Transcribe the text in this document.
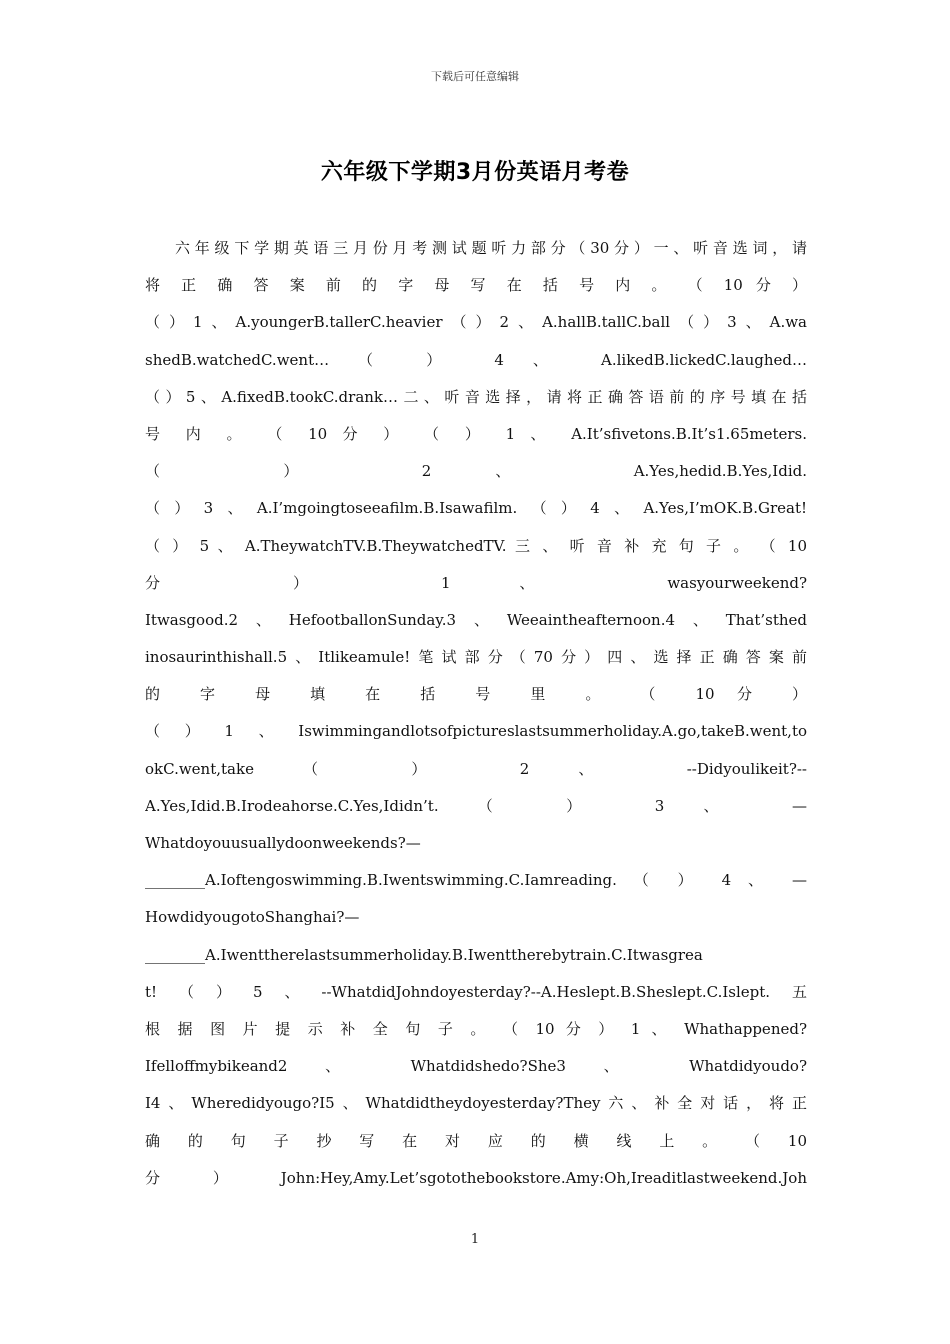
下载后可任意编辑
六年级下学期3月份英语月考卷
六年级下学期英语三月份月考测试题听力部分（30分）一、听音选词，请
将 正 确 答 案 前 的 字 母 写 在 括 号 内 。 （ 10 分 ）
（）1、A.youngerB.tallerC.heavier（）2、A.hallB.tallC.ball（）3、A.wa
shedB.watchedC.went… （ ） 4 、 A.likedB.lickedC.laughed…
（）5、A.fixedB.tookC.drank…二、听音选择，请将正确答语前的序号填在括
号 内 。 （ 10 分 ） （ ） 1 、 A.It’sfivetons.B.It’s1.65meters.
（ ） 2 、 A.Yes,hedid.B.Yes,Idid.
（）3、A.I’mgoingtoseeafilm.B.Isawafilm.（）4、A.Yes,I’mOK.B.Great!
（ ） 5 、 A.TheywatchTV.B.TheywatchedTV. 三 、 听 音 补 充 句 子 。 （ 10
分 ） 1 、 wasyourweekend?
Itwasgood.2、HefootballonSunday.3、Weeaintheafternoon.4、That’sthed
inosaurinthishall.5、Itlikeamule!笔试部分（70分）四、选择正确答案前
的 字 母 填 在 括 号 里 。 （ 10 分 ）
（）1、Iswimmingandlotsofpictureslastsummerholiday.A.go,takeB.went,to
okC.went,take （ ） 2 、 --Didyoulikeit?--
A.Yes,Idid.B.Irodeahorse.C.Yes,Ididn’t. （ ） 3 、 —
Whatdoyouusuallydoonweekends?—
________A.Ioftengoswimming.B.Iwentswimming.C.Iamreading. （ ） 4 、 —
HowdidyougotoShanghai?—
________A.Iwenttherelastsummerholiday.B.Iwenttherebytrain.C.Itwasgrea
t!（）5、--WhatdidJohndoyesterday?--A.Heslept.B.Sheslept.C.Islept.五
根 据 图 片 提 示 补 全 句 子 。 （ 10 分 ） 1 、 Whathappened?
Ifelloffmybikeand2 、 Whatdidshedo?She3 、 Whatdidyoudo?
I4、Wheredidyougo?I5、Whatdidtheydoyesterday?They六、补全对话，将正
确 的 句 子 抄 写 在 对 应 的 横 线 上 。 （ 10
分）John:Hey,Amy.Let’sgotothebookstore.Amy:Oh,Ireaditlastweekend.Joh
1
